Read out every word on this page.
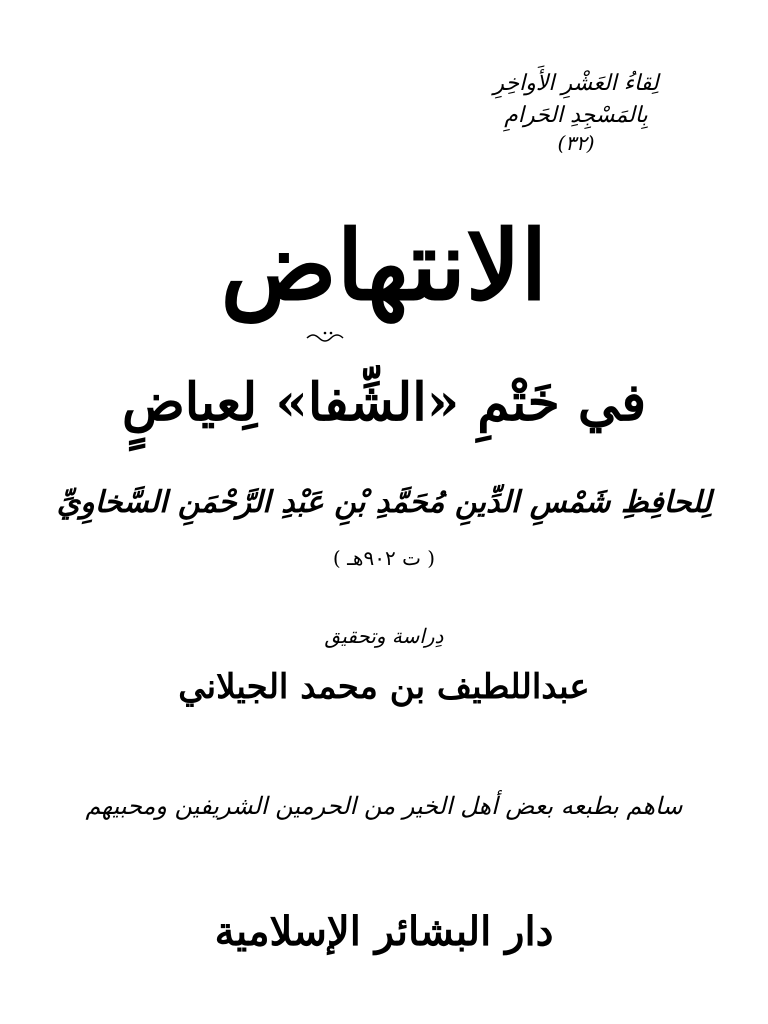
لِقاءُ العَشْرِ الأَواخِرِ
بِالمَسْجِدِ الحَرامِ
(٣٢)
الانتهاض
في خَتْمِ «الشِّفا» لِعياضٍ
لِلحافِظِ شَمْسِ الدِّينِ مُحَمَّدِ بْنِ عَبْدِ الرَّحْمَنِ السَّخاوِيِّ
( ت ٩٠٢هـ )
دِراسة وتحقيق
عبداللطيف بن محمد الجيلاني
ساهم بطبعه بعض أهل الخير من الحرمين الشريفين ومحبيهم
دار البشائر الإسلامية
